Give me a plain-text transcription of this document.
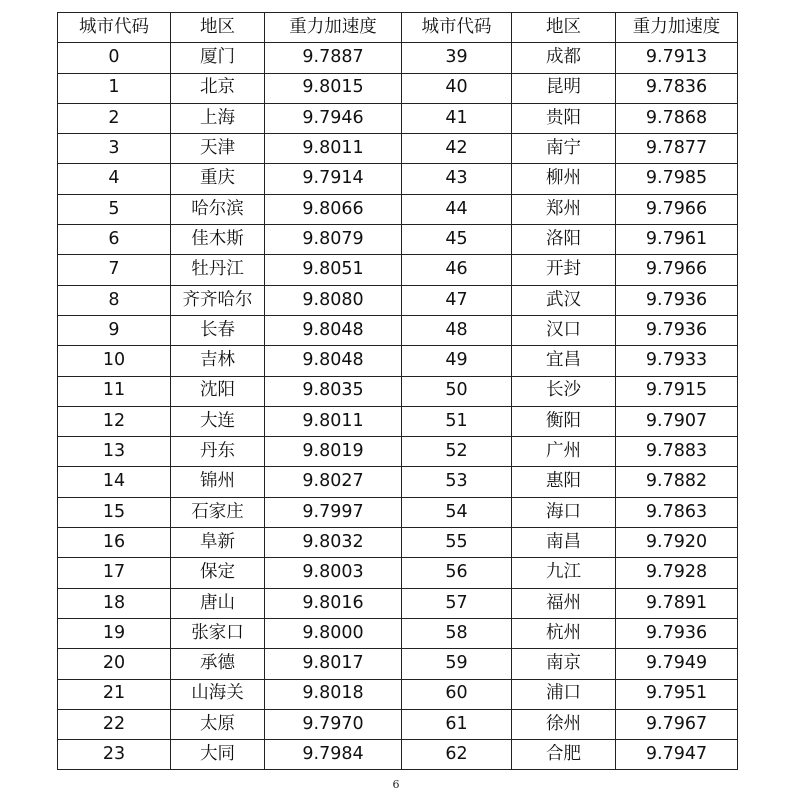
城市代码	地区	重力加速度	城市代码	地区	重力加速度
0	厦门	9.7887	39	成都	9.7913
1	北京	9.8015	40	昆明	9.7836
2	上海	9.7946	41	贵阳	9.7868
3	天津	9.8011	42	南宁	9.7877
4	重庆	9.7914	43	柳州	9.7985
5	哈尔滨	9.8066	44	郑州	9.7966
6	佳木斯	9.8079	45	洛阳	9.7961
7	牡丹江	9.8051	46	开封	9.7966
8	齐齐哈尔	9.8080	47	武汉	9.7936
9	长春	9.8048	48	汉口	9.7936
10	吉林	9.8048	49	宜昌	9.7933
11	沈阳	9.8035	50	长沙	9.7915
12	大连	9.8011	51	衡阳	9.7907
13	丹东	9.8019	52	广州	9.7883
14	锦州	9.8027	53	惠阳	9.7882
15	石家庄	9.7997	54	海口	9.7863
16	阜新	9.8032	55	南昌	9.7920
17	保定	9.8003	56	九江	9.7928
18	唐山	9.8016	57	福州	9.7891
19	张家口	9.8000	58	杭州	9.7936
20	承德	9.8017	59	南京	9.7949
21	山海关	9.8018	60	浦口	9.7951
22	太原	9.7970	61	徐州	9.7967
23	大同	9.7984	62	合肥	9.7947
6
